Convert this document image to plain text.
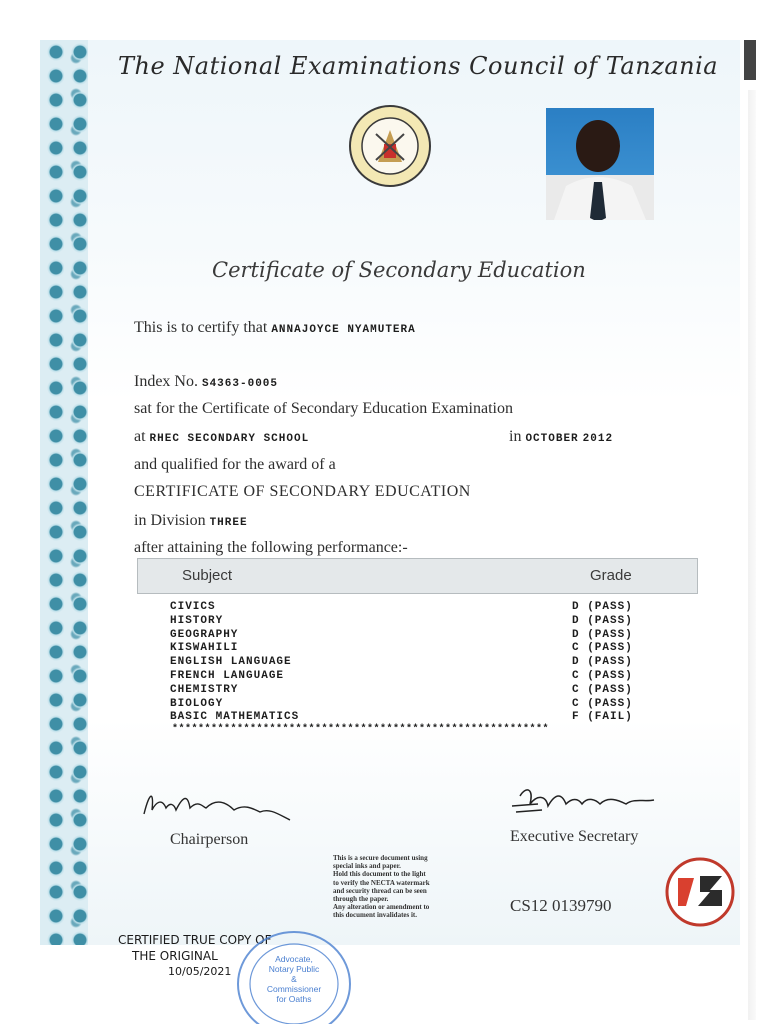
The National Examinations Council of Tanzania
Certificate of Secondary Education
This is to certify that ANNAJOYCE NYAMUTERA
Index No. S4363-0005
sat for the Certificate of Secondary Education Examination
at RHEC SECONDARY SCHOOL	in OCTOBER 2012
and qualified for the award of a
CERTIFICATE OF SECONDARY EDUCATION
in Division THREE
after attaining the following performance:-
Subject	Grade
CIVICS	D (PASS)
HISTORY	D (PASS)
GEOGRAPHY	D (PASS)
KISWAHILI	C (PASS)
ENGLISH LANGUAGE	D (PASS)
FRENCH LANGUAGE	C (PASS)
CHEMISTRY	C (PASS)
BIOLOGY	C (PASS)
BASIC MATHEMATICS	F (FAIL)
**********************************************************
Chairperson	Executive Secretary
This is a secure document using
special inks and paper.
Hold this document to the light
to verify the NECTA watermark
and security thread can be seen
through the paper.
Any alteration or amendment to
this document invalidates it.
CS12 0139790
CERTIFIED TRUE COPY OF
THE ORIGINAL
10/05/2021
Advocate,
Notary Public
&
Commissioner
for Oaths
